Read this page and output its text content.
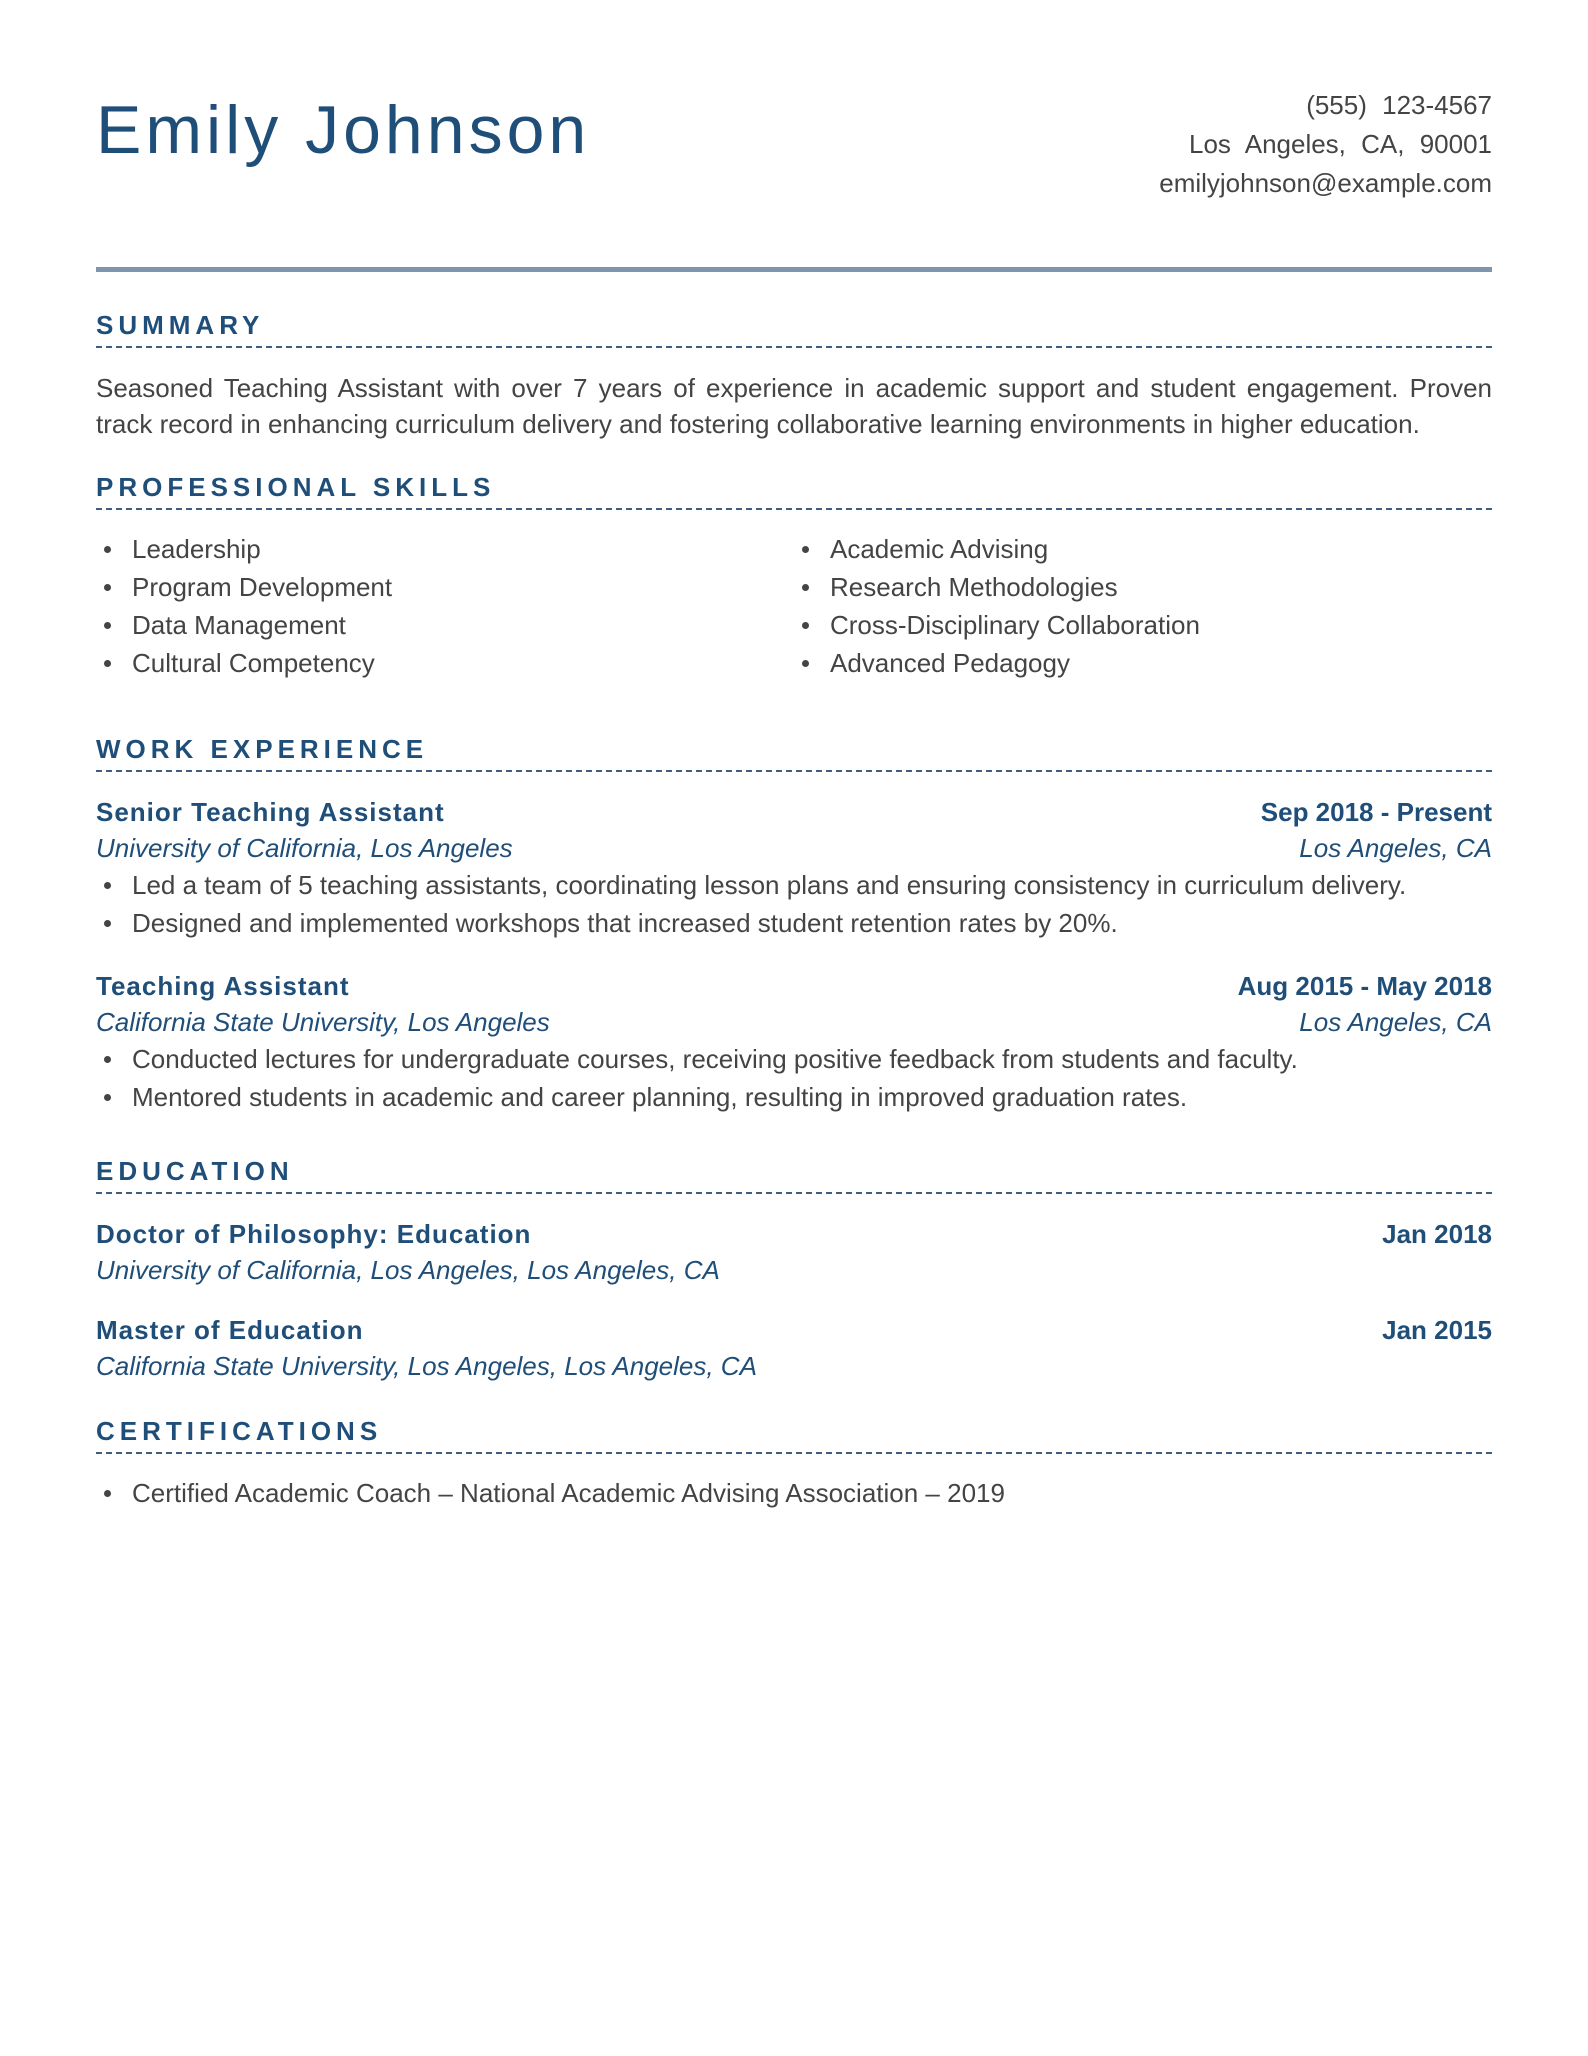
Emily Johnson	(555) 123-4567
Los Angeles, CA, 90001
emilyjohnson@example.com
SUMMARY
Seasoned Teaching Assistant with over 7 years of experience in academic support and student engagement. Proven track record in enhancing curriculum delivery and fostering collaborative learning environments in higher education.
PROFESSIONAL SKILLS
Leadership
Program Development
Data Management
Cultural Competency
Academic Advising
Research Methodologies
Cross-Disciplinary Collaboration
Advanced Pedagogy
WORK EXPERIENCE
Senior Teaching Assistant	Sep 2018 - Present
University of California, Los Angeles	Los Angeles, CA
Led a team of 5 teaching assistants, coordinating lesson plans and ensuring consistency in curriculum delivery.
Designed and implemented workshops that increased student retention rates by 20%.
Teaching Assistant	Aug 2015 - May 2018
California State University, Los Angeles	Los Angeles, CA
Conducted lectures for undergraduate courses, receiving positive feedback from students and faculty.
Mentored students in academic and career planning, resulting in improved graduation rates.
EDUCATION
Doctor of Philosophy: Education	Jan 2018
University of California, Los Angeles, Los Angeles, CA
Master of Education	Jan 2015
California State University, Los Angeles, Los Angeles, CA
CERTIFICATIONS
Certified Academic Coach – National Academic Advising Association – 2019
